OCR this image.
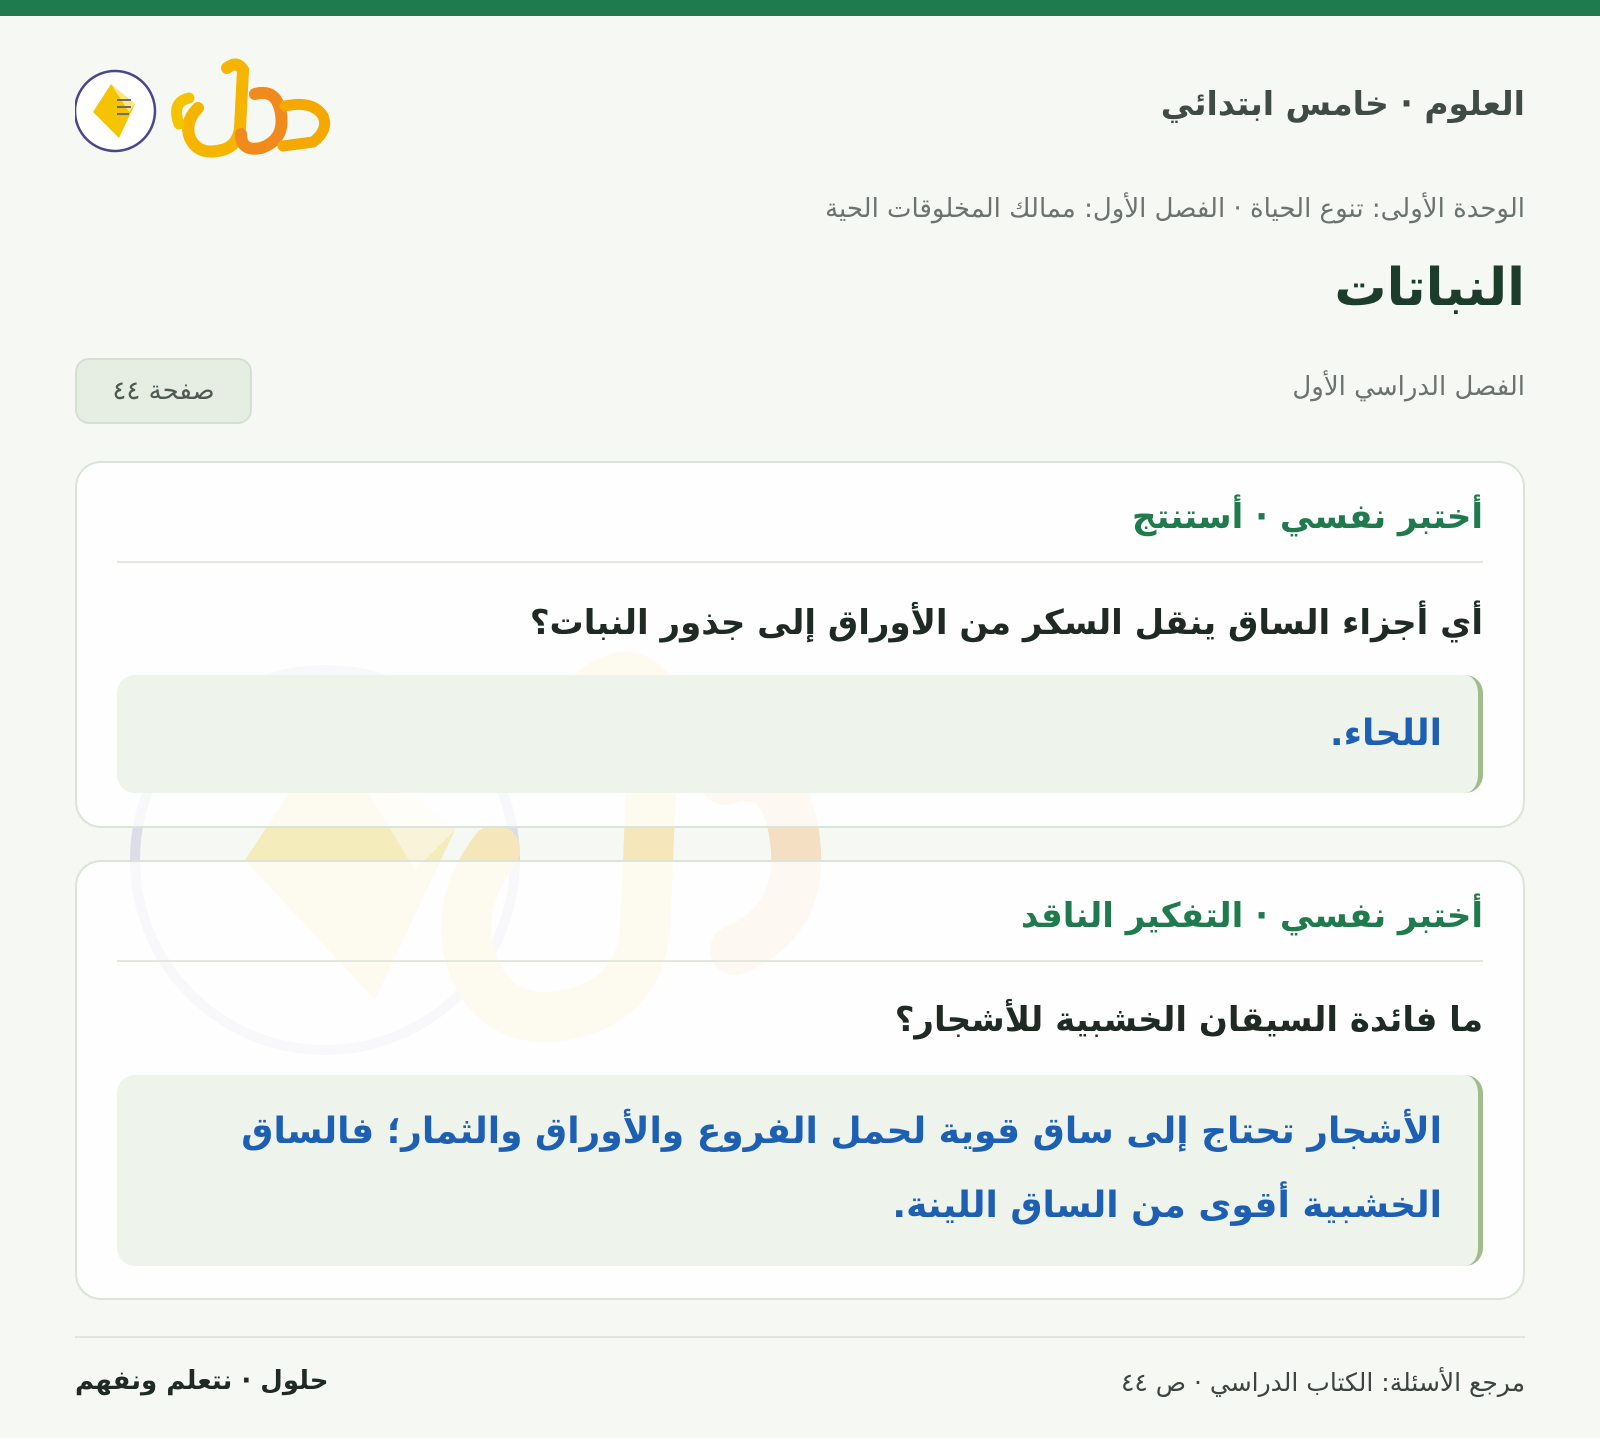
العلوم · خامس ابتدائي
الوحدة الأولى: تنوع الحياة · الفصل الأول: ممالك المخلوقات الحية
النباتات
الفصل الدراسي الأول
صفحة ٤٤
أختبر نفسي · أستنتج
أي أجزاء الساق ينقل السكر من الأوراق إلى جذور النبات؟
اللحاء.
أختبر نفسي · التفكير الناقد
ما فائدة السيقان الخشبية للأشجار؟
الأشجار تحتاج إلى ساق قوية لحمل الفروع والأوراق والثمار؛ فالساق الخشبية أقوى من الساق اللينة.
مرجع الأسئلة: الكتاب الدراسي · ص ٤٤
حلول · نتعلم ونفهم
